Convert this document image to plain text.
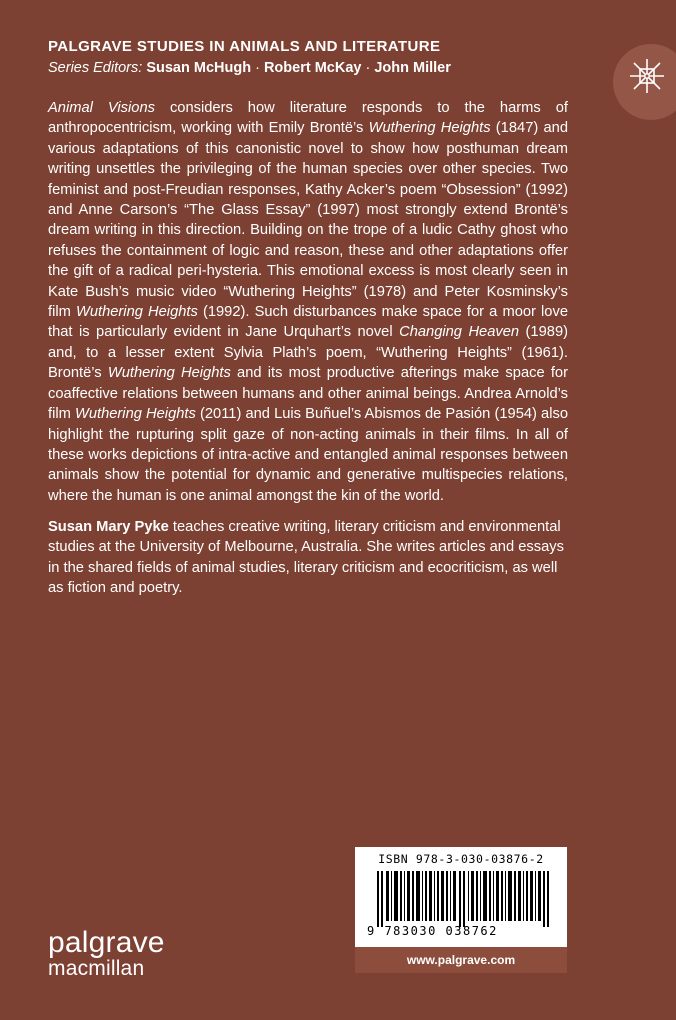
PALGRAVE STUDIES IN ANIMALS AND LITERATURE
Series Editors: Susan McHugh · Robert McKay · John Miller

Animal Visions considers how literature responds to the harms of anthropocentricism, working with Emily Brontë’s Wuthering Heights (1847) and various adaptations of this canonistic novel to show how posthuman dream writing unsettles the privileging of the human species over other species. Two feminist and post-Freudian responses, Kathy Acker’s poem “Obsession” (1992) and Anne Carson’s “The Glass Essay” (1997) most strongly extend Brontë’s dream writing in this direction. Building on the trope of a ludic Cathy ghost who refuses the containment of logic and reason, these and other adaptations offer the gift of a radical peri-hysteria. This emotional excess is most clearly seen in Kate Bush’s music video “Wuthering Heights” (1978) and Peter Kosminsky’s film Wuthering Heights (1992). Such disturbances make space for a moor love that is particularly evident in Jane Urquhart’s novel Changing Heaven (1989) and, to a lesser extent Sylvia Plath’s poem, “Wuthering Heights” (1961). Brontë’s Wuthering Heights and its most productive afterings make space for coaffective relations between humans and other animal beings. Andrea Arnold’s film Wuthering Heights (2011) and Luis Buñuel’s Abismos de Pasión (1954) also highlight the rupturing split gaze of non-acting animals in their films. In all of these works depictions of intra-active and entangled animal responses between animals show the potential for dynamic and generative multispecies relations, where the human is one animal amongst the kin of the world.

Susan Mary Pyke teaches creative writing, literary criticism and environmental studies at the University of Melbourne, Australia. She writes articles and essays in the shared fields of animal studies, literary criticism and ecocriticism, as well as fiction and poetry.

ISBN 978-3-030-03876-2
9 783030 038762
www.palgrave.com
palgrave
macmillan
